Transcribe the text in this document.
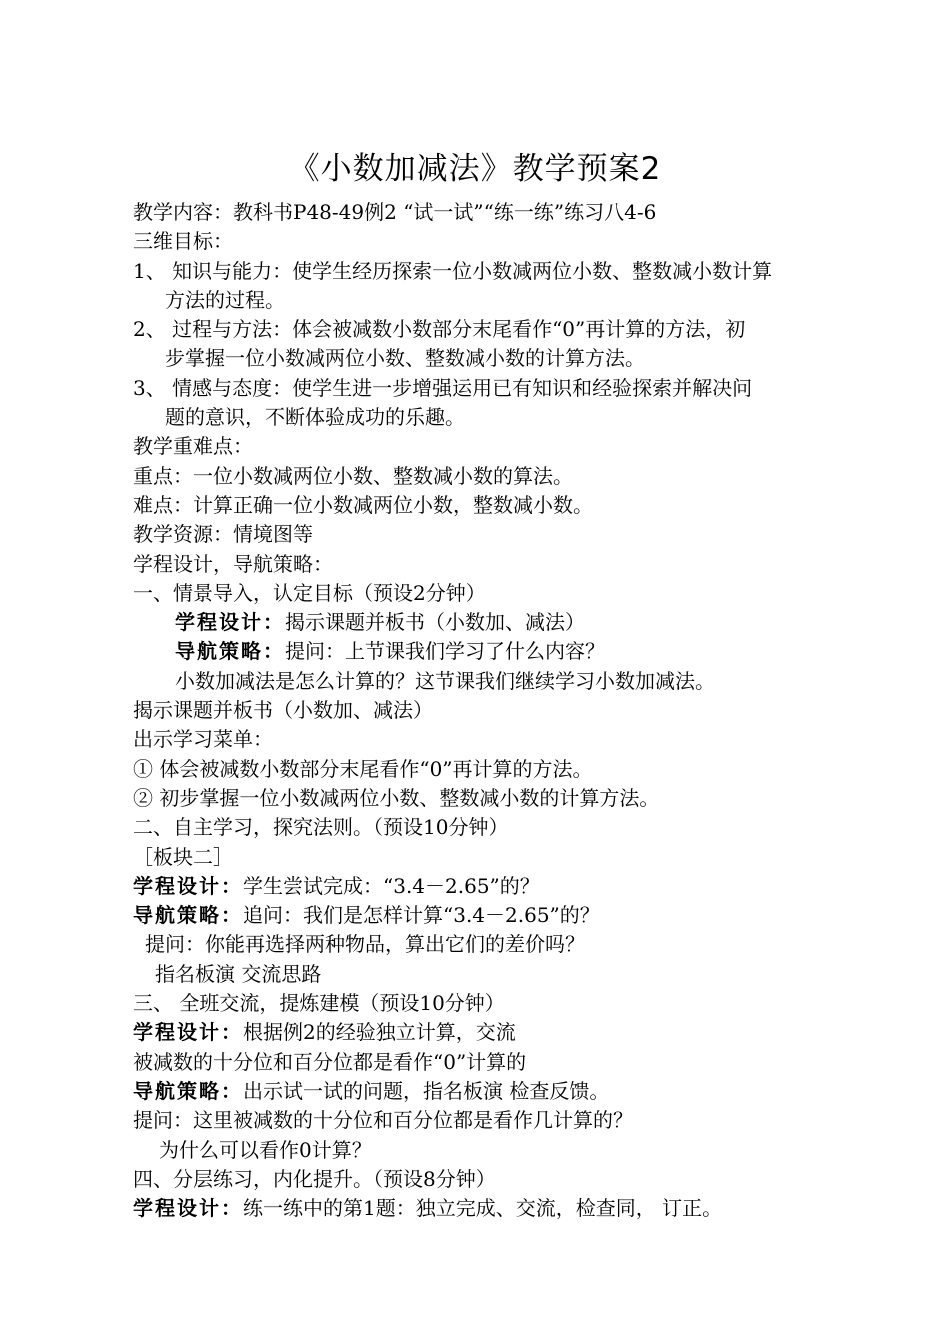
《小数加减法》教学预案2
教学内容：教科书P48-49例2 “试一试”“练一练”练习八4-6
三维目标：
1、 知识与能力：使学生经历探索一位小数减两位小数、整数减小数计算
方法的过程。
2、 过程与方法：体会被减数小数部分末尾看作“0”再计算的方法，初
步掌握一位小数减两位小数、整数减小数的计算方法。
3、 情感与态度：使学生进一步增强运用已有知识和经验探索并解决问
题的意识，不断体验成功的乐趣。
教学重难点：
重点：一位小数减两位小数、整数减小数的算法。
难点：计算正确一位小数减两位小数，整数减小数。
教学资源：情境图等
学程设计，导航策略：
一、情景导入，认定目标（预设2分钟）
学程设计：揭示课题并板书（小数加、减法）
导航策略：提问：上节课我们学习了什么内容？
小数加减法是怎么计算的？这节课我们继续学习小数加减法。
揭示课题并板书（小数加、减法）
出示学习菜单：
① 体会被减数小数部分末尾看作“0”再计算的方法。
② 初步掌握一位小数减两位小数、整数减小数的计算方法。
二、自主学习，探究法则。（预设10分钟）
［板块二］
学程设计：学生尝试完成：“3.4－2.65”的？
导航策略：追问：我们是怎样计算“3.4－2.65”的？
提问：你能再选择两种物品，算出它们的差价吗？
指名板演 交流思路
三、 全班交流，提炼建模（预设10分钟）
学程设计：根据例2的经验独立计算，交流
被减数的十分位和百分位都是看作“0”计算的
导航策略：出示试一试的问题，指名板演 检查反馈。
提问：这里被减数的十分位和百分位都是看作几计算的？
为什么可以看作0计算？
四、分层练习，内化提升。（预设8分钟）
学程设计：练一练中的第1题：独立完成、交流，检查同， 订正。
